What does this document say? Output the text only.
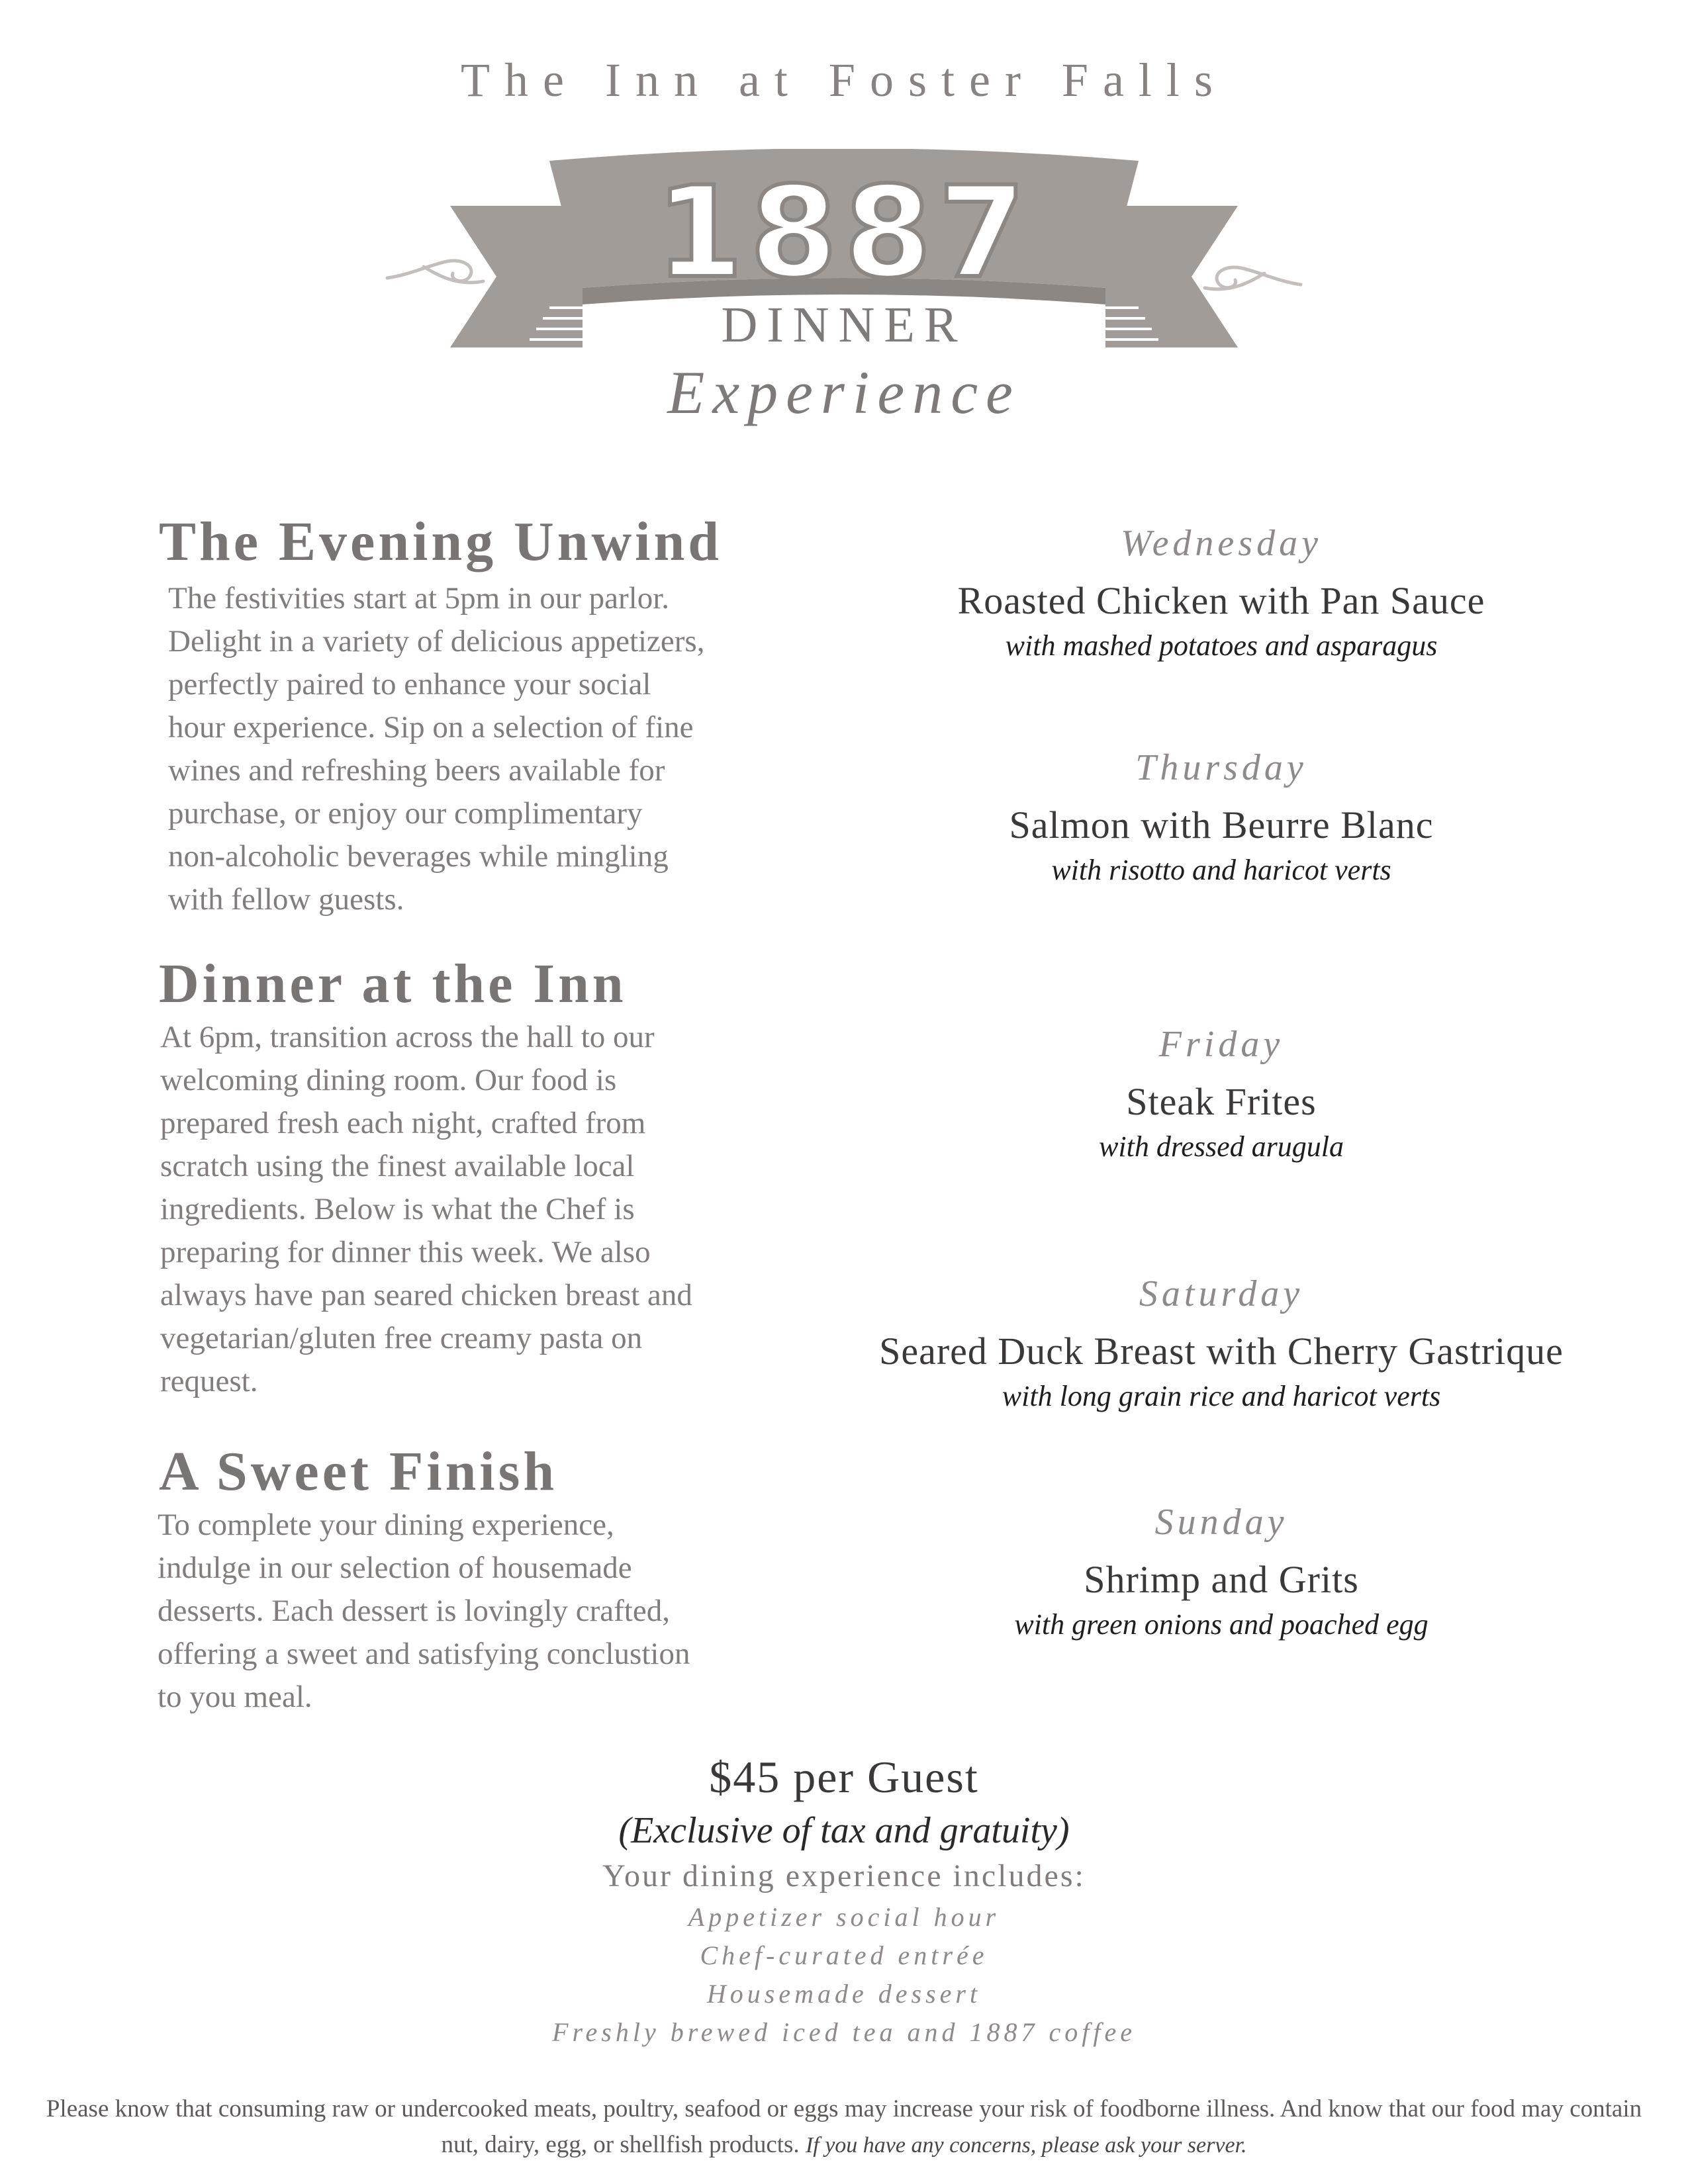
The Inn at Foster Falls
1887
DINNER
Experience
The Evening Unwind

The festivities start at 5pm in our parlor.
Delight in a variety of delicious appetizers,
perfectly paired to enhance your social
hour experience. Sip on a selection of fine
wines and refreshing beers available for
purchase, or enjoy our complimentary
non-alcoholic beverages while mingling
with fellow guests.

Dinner at the Inn

At 6pm, transition across the hall to our
welcoming dining room. Our food is
prepared fresh each night, crafted from
scratch using the finest available local
ingredients. Below is what the Chef is
preparing for dinner this week. We also
always have pan seared chicken breast and
vegetarian/gluten free creamy pasta on
request.

A Sweet Finish

To complete your dining experience,
indulge in our selection of housemade
desserts. Each dessert is lovingly crafted,
offering a sweet and satisfying conclustion
to you meal.

Wednesday
Roasted Chicken with Pan Sauce
with mashed potatoes and asparagus
Thursday
Salmon with Beurre Blanc
with risotto and haricot verts
Friday
Steak Frites
with dressed arugula
Saturday
Seared Duck Breast with Cherry Gastrique
with long grain rice and haricot verts
Sunday
Shrimp and Grits
with green onions and poached egg
$45 per Guest
(Exclusive of tax and gratuity)
Your dining experience includes:
Appetizer social hour
Chef-curated entrée
Housemade dessert
Freshly brewed iced tea and 1887 coffee
Please know that consuming raw or undercooked meats, poultry, seafood or eggs may increase your risk of foodborne illness. And know that our food may contain
nut, dairy, egg, or shellfish products. If you have any concerns, please ask your server.
